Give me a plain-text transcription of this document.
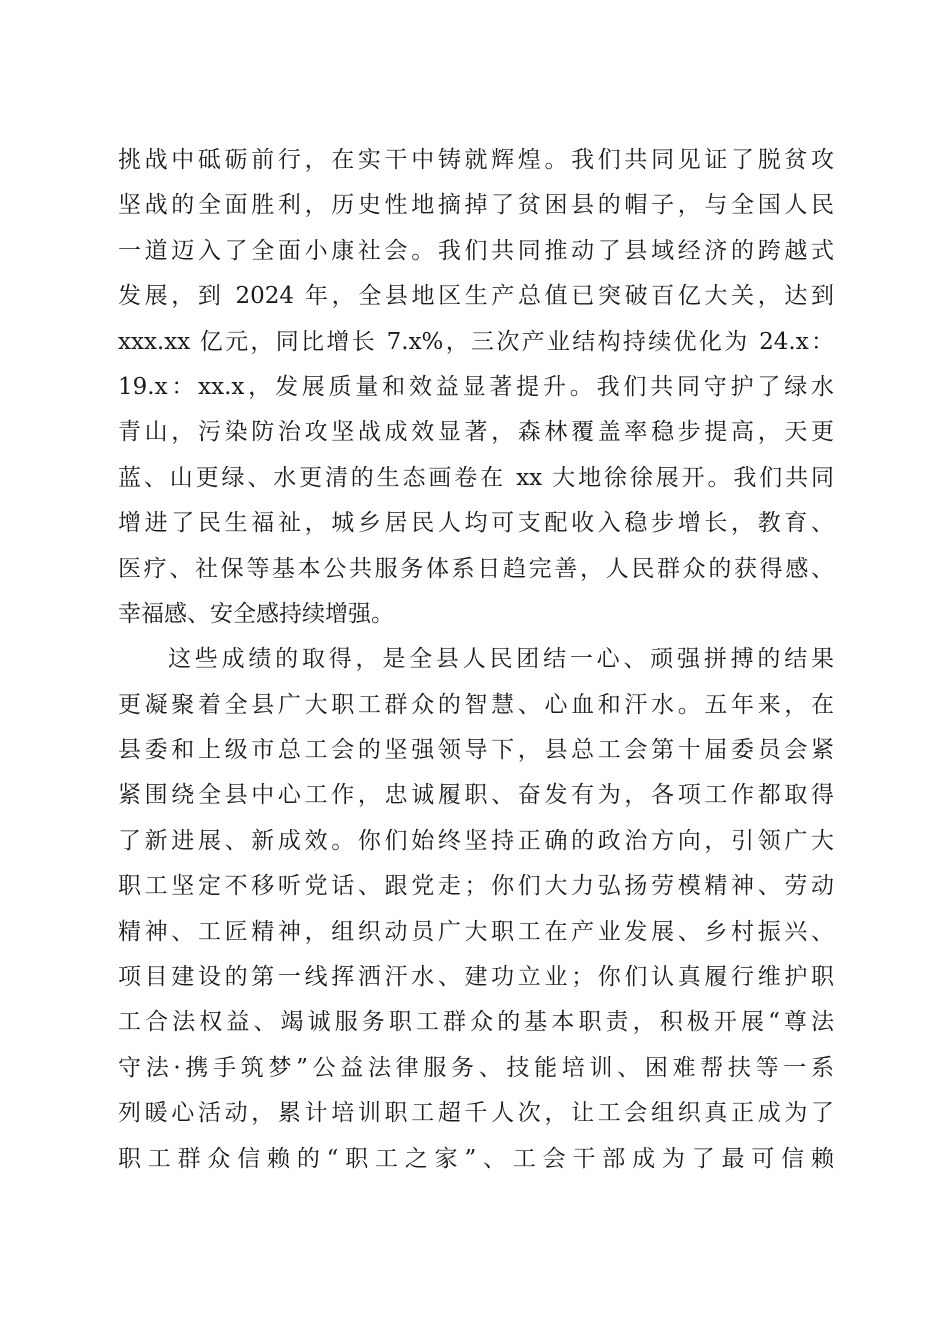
挑战中砥砺前行，在实干中铸就辉煌。我们共同见证了脱贫攻
坚战的全面胜利，历史性地摘掉了贫困县的帽子，与全国人民
一道迈入了全面小康社会。我们共同推动了县域经济的跨越式
发展，到 2024 年，全县地区生产总值已突破百亿大关，达到
xxx.xx 亿元，同比增长 7.x%，三次产业结构持续优化为 24.x：
19.x：xx.x，发展质量和效益显著提升。我们共同守护了绿水
青山，污染防治攻坚战成效显著，森林覆盖率稳步提高，天更
蓝、山更绿、水更清的生态画卷在 xx 大地徐徐展开。我们共同
增进了民生福祉，城乡居民人均可支配收入稳步增长，教育、
医疗、社保等基本公共服务体系日趋完善，人民群众的获得感、
幸福感、安全感持续增强。
这些成绩的取得，是全县人民团结一心、顽强拼搏的结果
更凝聚着全县广大职工群众的智慧、心血和汗水。五年来，在
县委和上级市总工会的坚强领导下，县总工会第十届委员会紧
紧围绕全县中心工作，忠诚履职、奋发有为，各项工作都取得
了新进展、新成效。你们始终坚持正确的政治方向，引领广大
职工坚定不移听党话、跟党走；你们大力弘扬劳模精神、劳动
精神、工匠精神，组织动员广大职工在产业发展、乡村振兴、
项目建设的第一线挥洒汗水、建功立业；你们认真履行维护职
工合法权益、竭诚服务职工群众的基本职责，积极开展“尊法
守法·携手筑梦”公益法律服务、技能培训、困难帮扶等一系
列暖心活动，累计培训职工超千人次，让工会组织真正成为了
职工群众信赖的“职工之家”、工会干部成为了最可信赖
